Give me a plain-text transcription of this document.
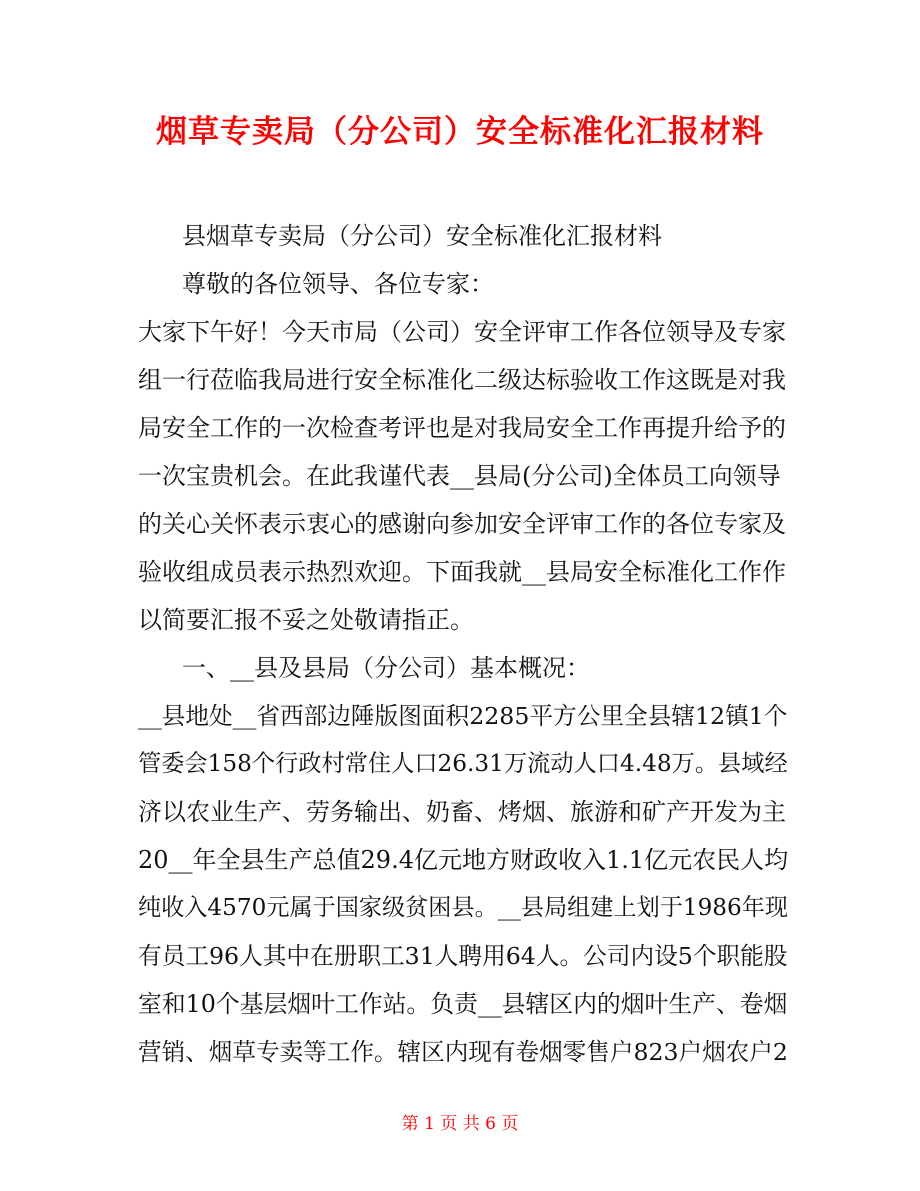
烟草专卖局（分公司）安全标准化汇报材料
县烟草专卖局（分公司）安全标准化汇报材料
尊敬的各位领导、各位专家：
大家下午好！今天市局（公司）安全评审工作各位领导及专家
组一行莅临我局进行安全标准化二级达标验收工作这既是对我
局安全工作的一次检查考评也是对我局安全工作再提升给予的
一次宝贵机会。在此我谨代表__县局(分公司)全体员工向领导
的关心关怀表示衷心的感谢向参加安全评审工作的各位专家及
验收组成员表示热烈欢迎。下面我就__县局安全标准化工作作
以简要汇报不妥之处敬请指正。
一、__县及县局（分公司）基本概况：
__县地处__省西部边陲版图面积2285平方公里全县辖12镇1个
管委会158个行政村常住人口26.31万流动人口4.48万。县域经
济以农业生产、劳务输出、奶畜、烤烟、旅游和矿产开发为主
20__年全县生产总值29.4亿元地方财政收入1.1亿元农民人均
纯收入4570元属于国家级贫困县。__县局组建上划于1986年现
有员工96人其中在册职工31人聘用64人。公司内设5个职能股
室和10个基层烟叶工作站。负责__县辖区内的烟叶生产、卷烟
营销、烟草专卖等工作。辖区内现有卷烟零售户823户烟农户2
第 1 页 共 6 页
